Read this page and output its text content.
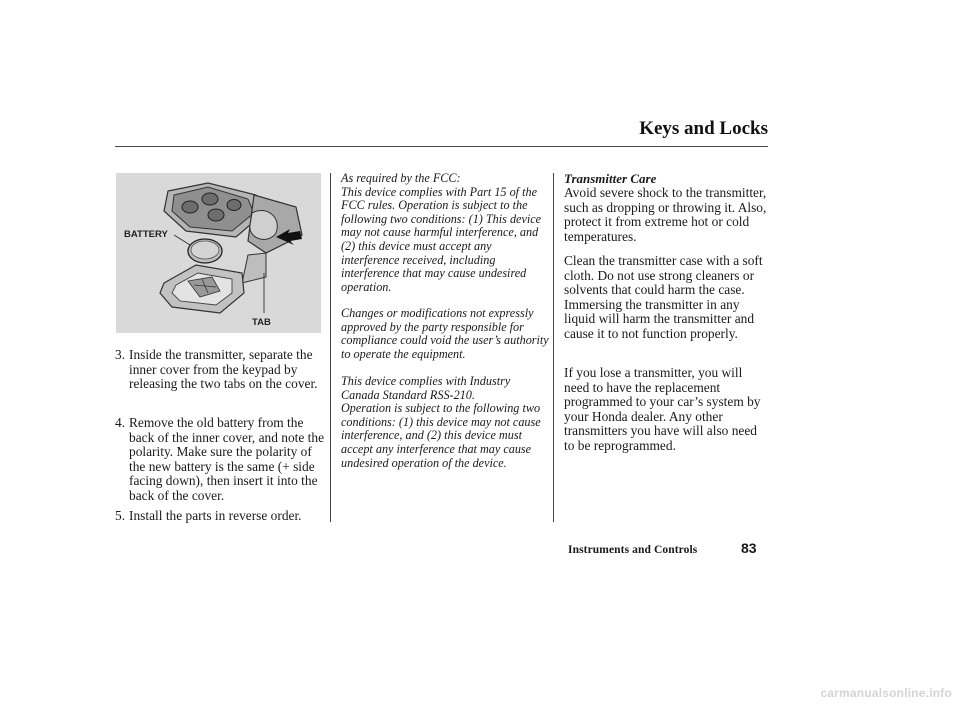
Keys and Locks
BATTERY
TAB
3. Inside the transmitter, separate the inner cover from the keypad by releasing the two tabs on the cover.
4. Remove the old battery from the back of the inner cover, and note the polarity. Make sure the polarity of the new battery is the same (+ side facing down), then insert it into the back of the cover.
5. Install the parts in reverse order.
As required by the FCC:
This device complies with Part 15 of the FCC rules. Operation is subject to the following two conditions: (1) This device may not cause harmful interference, and (2) this device must accept any interference received, including interference that may cause undesired operation.
Changes or modifications not expressly approved by the party responsible for compliance could void the user’s authority to operate the equipment.
This device complies with Industry Canada Standard RSS-210.
Operation is subject to the following two conditions: (1) this device may not cause interference, and (2) this device must accept any interference that may cause undesired operation of the device.
Transmitter Care
Avoid severe shock to the transmitter, such as dropping or throwing it. Also, protect it from extreme hot or cold temperatures.
Clean the transmitter case with a soft cloth. Do not use strong cleaners or solvents that could harm the case. Immersing the transmitter in any liquid will harm the transmitter and cause it to not function properly.
If you lose a transmitter, you will need to have the replacement programmed to your car’s system by your Honda dealer. Any other transmitters you have will also need to be reprogrammed.
Instruments and Controls	83
carmanualsonline.info
